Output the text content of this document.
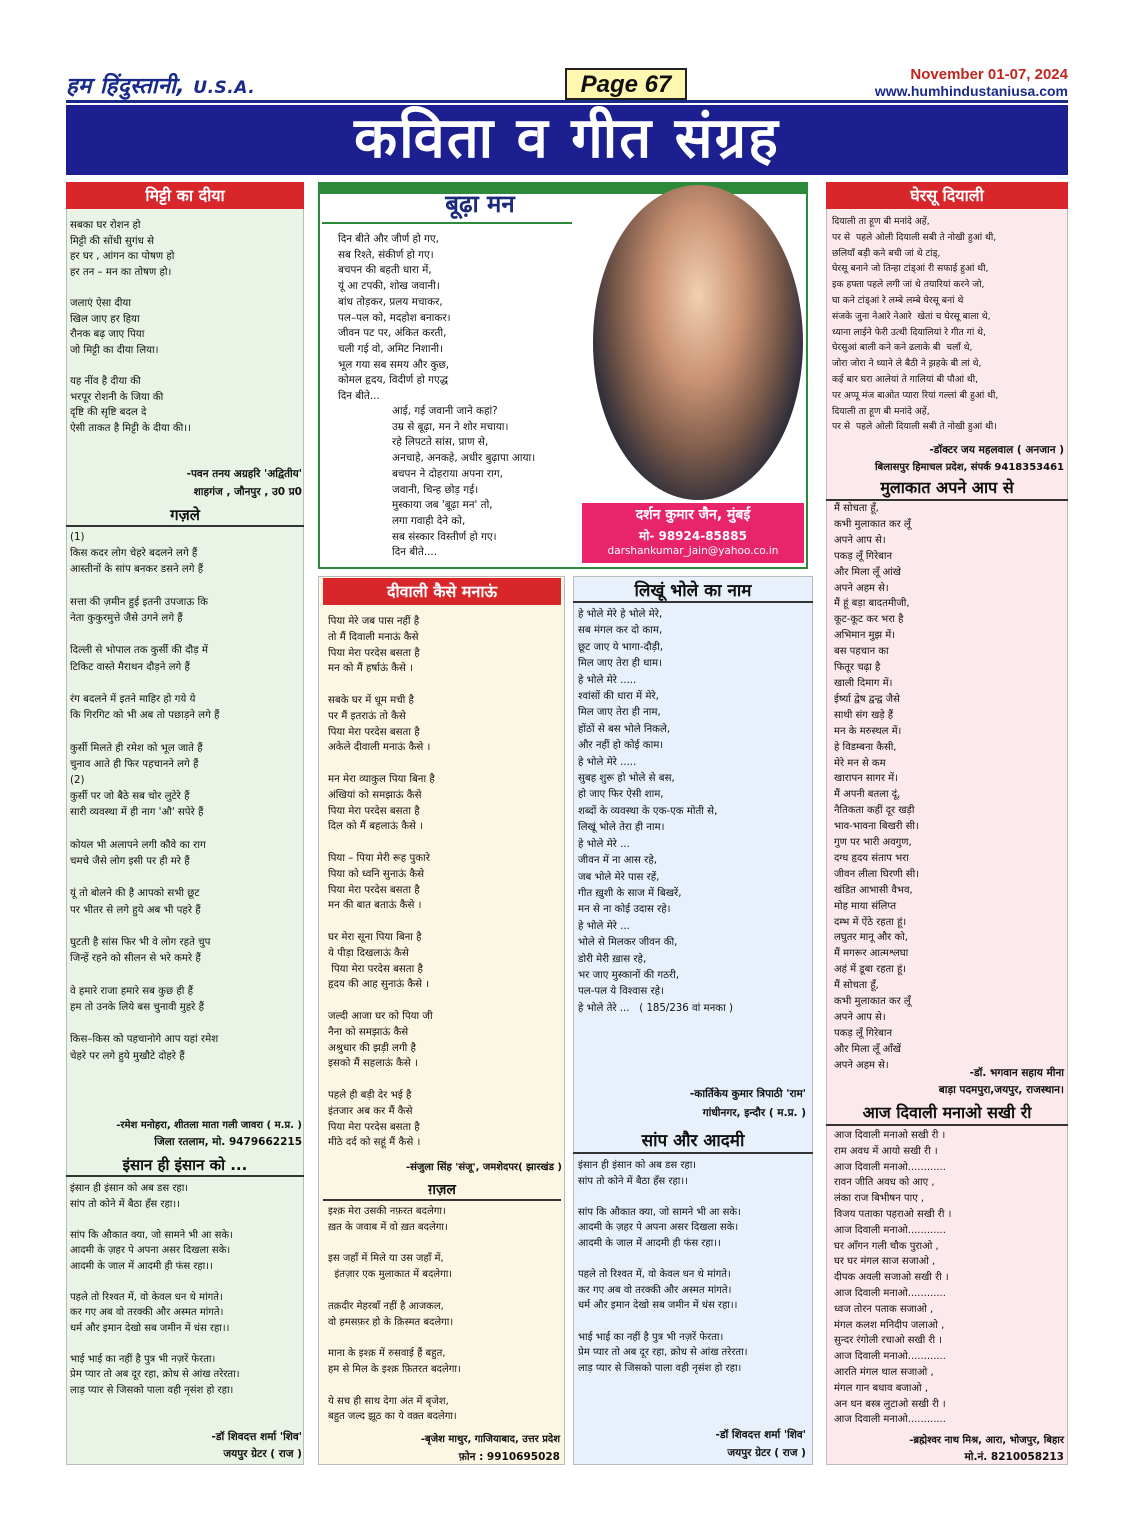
हम हिंदुस्तानी, U.S.A.	Page 67	November 01-07, 2024
www.humhindustaniusa.com
कविता व गीत संग्रह
मिट्टी का दीया
सबका घर रोशन हो
मिट्टी की सोंधी सुगंध से
हर घर , आंगन का पोषण हो
हर तन – मन का तोषण हो।

जलाएं ऐसा दीया
खिल जाए हर हिया
रौनक बढ़ जाए पिया
जो मिट्टी का दीया लिया।

यह नींव है दीया की
भरपूर रोशनी के जिया की
दृष्टि की सृष्टि बदल दे
ऐसी ताकत है मिट्टी के दीया की।।
-पवन तनय अग्रहरि 'अद्वितीय'
शाहगंज , जौनपुर , उ0 प्र0
गज़ले
(1)
किस कदर लोग चेहरे बदलने लगे हैं
आस्तीनों के सांप बनकर डसने लगे हैं

सत्ता की ज़मीन हुई इतनी उपजाऊ कि
नेता कुकुरमुत्ते जैसे उगने लगे हैं

दिल्ली से भोपाल तक कुर्सी की दौड़ में
टिकिट वास्ते मैराथन दौड़ने लगे हैं

रंग बदलने में इतने माहिर हो गये ये
कि गिरगिट को भी अब तो पछाड़ने लगे हैं

कुर्सी मिलते ही रमेश को भूल जाते हैं
चुनाव आते ही फिर पहचानने लगे हैं
(2)
कुर्सी पर जो बैठे सब चोर लुटेरे हैं
सारी व्यवस्था में ही नाग 'औ' सपेरे हैं

कोयल भी अलापने लगी कौवे का राग
चमचे जैसे लोग इसी पर ही मरे हैं

यूं तो बोलने की है आपको सभी छूट
पर भीतर से लगे हुये अब भी पहरे हैं

घुटती है सांस फिर भी वे लोग रहते चुप
जिन्हें रहने को सीलन से भरे कमरे हैं

वे हमारे राजा हमारे सब कुछ ही हैं
हम तो उनके लिये बस चुनावी मुहरे हैं

किस–किस को पहचानोगे आप यहां रमेश
चेहरे पर लगे हुये मुखौटे दोहरे हैं
-रमेश मनोहरा, शीतला माता गली जावरा ( म.प्र. )
जिला रतलाम, मो. 9479662215
इंसान ही इंसान को ...
इंसान ही इंसान को अब डस रहा।
सांप तो कोने में बैठा हँस रहा।।

सांप कि औकात क्या, जो सामने भी आ सके।
आदमी के ज़हर पे अपना असर दिखला सके।
आदमी के जाल में आदमी ही फंस रहा।।

पहले तो रिश्वत में, वो केवल धन थे मांगते।
कर गए अब वो तरक्की और अस्मत मांगते।
धर्म और इमान देखो सब जमीन में धंस रहा।।

भाई भाई का नहीं है पुत्र भी नज़रें फेरता।
प्रेम प्यार तो अब दूर रहा, क्रोध से आंख तरेरता।
लाड़ प्यार से जिसको पाला वही नृसंश हो रहा।
-डॉ शिवदत्त शर्मा 'शिव'
जयपुर ग्रेटर ( राज )
बूढ़ा मन
दिन बीते और जीर्ण हो गए,
सब रिश्ते, संकीर्ण हो गए।
बचपन की बहती धारा में,
यूं आ टपकी, शोख जवानी।
बांध तोड़कर, प्रलय मचाकर,
पल–पल को, मदहोश बनाकर।
जीवन पट पर, अंकित करती,
चली गई वो, अमिट निशानी।
भूल गया सब समय और कुछ,
कोमल हृदय, विदीर्ण हो गएद्ध
दिन बीते...
आई, गई जवानी जाने कहां?
उम्र से बूढ़ा, मन ने शोर मचाया।
रहे लिपटते सांस, प्राण से,
अनचाहे, अनकहे, अधीर बुढ़ापा आया।
बचपन ने दोहराया अपना राग,
जवानी, चिन्ह छोड़ गई।
मुस्काया जब 'बूढ़ा मन' तो,
लगा गवाही देने को,
सब संस्कार विस्तीर्ण हो गए।
दिन बीते....
दर्शन कुमार जैन, मुंबई
मो- 98924-85885
darshankumar_jain@yahoo.co.in
दीवाली कैसे मनाऊं
पिया मेरे जब पास नहीं है
तो मैं दिवाली मनाऊं कैसे
पिया मेरा परदेस बसता है
मन को मैं हर्षाऊं कैसे ।

सबके घर में धूम मची है
पर मैं इतराऊं तो कैसे
पिया मेरा परदेस बसता है
अकेले दीवाली मनाऊं कैसे ।

मन मेरा व्याकुल पिया बिना है
अंखियां को समझाऊं कैसे
पिया मेरा परदेस बसता है
दिल को मैं बहलाऊं कैसे ।

पिया – पिया मेरी रूह पुकारे
पिया को ध्वनि सुनाऊं कैसे
पिया मेरा परदेस बसता है
मन की बात बताऊं कैसे ।

घर मेरा सूना पिया बिना है
ये पीड़ा दिखलाऊं कैसे
पिया मेरा परदेस बसता है
हृदय की आह सुनाऊं कैसे ।

जल्दी आजा घर को पिया जी
नैना को समझाऊं कैसे
अश्रुधार की झड़ी लगी है
इसको मैं सहलाऊं कैसे ।

पहले ही बड़ी देर भई है
इंतजार अब कर मैं कैसे
पिया मेरा परदेस बसता है
मीठे दर्द को सहूं मैं कैसे ।
-संजुला सिंह 'संजू', जमशेदपर( झारखंड )
ग़ज़ल
इश्क़ मेरा उसकी नफ़रत बदलेगा।
ख़त के जवाब में वो ख़त बदलेगा।

इस जहाँ में मिले या उस जहाँ में,
इंतज़ार एक मुलाकात में बदलेगा।

तक़दीर मेहरबाँ नहीं है आजकल,
वो हमसफ़र हो के क़िस्मत बदलेगा।

माना के इश्क़ में रुसवाई हैं बहुत,
हम से मिल के इश्क़ फ़ितरत बदलेगा।

ये सच ही साथ देगा अंत में बृजेश,
बहुत जल्द झूठ का ये वक़्त बदलेगा।
-बृजेश माथुर, गाजियाबाद, उत्तर प्रदेश
फ़ोन : 9910695028
लिखूं भोले का नाम
हे भोले मेरे हे भोले मेरे,
सब मंगल कर दो काम,
छूट जाए ये भागा-दौड़ी,
मिल जाए तेरा ही धाम।
हे भोले मेरे .....
श्वांसों की धारा में मेरे,
मिल जाए तेरा ही नाम,
होंठों से बस भोले निकले,
और नहीं हो कोई काम।
हे भोले मेरे .....
सुबह शुरू हो भोले से बस,
हो जाए फिर ऐसी शाम,
शब्दों के व्यवस्था के एक-एक मोती से,
लिखूं भोले तेरा ही नाम।
हे भोले मेरे ...
जीवन में ना आस रहे,
जब भोले मेरे पास रहें,
गीत ख़ुशी के साज में बिखरें,
मन से ना कोई उदास रहे।
हे भोले मेरे ...
भोले से मिलकर जीवन की,
डोरी मेरी ख़ास रहे,
भर जाए मुस्कानों की गठरी,
पल-पल ये विश्वास रहे।
हे भोले तेरे ...   ( 185/236 वां मनका )
-कार्तिकेय कुमार त्रिपाठी 'राम'
गांधीनगर, इन्दौर ( म.प्र. )
सांप और आदमी
इंसान ही इंसान को अब डस रहा।
सांप तो कोने में बैठा हँस रहा।।

सांप कि औकात क्या, जो सामने भी आ सके।
आदमी के ज़हर पे अपना असर दिखला सके।
आदमी के जाल में आदमी ही फंस रहा।।

पहले तो रिश्वत में, वो केवल धन थे मांगते।
कर गए अब वो तरक्की और अस्मत मांगते।
धर्म और इमान देखो सब जमीन में धंस रहा।।

भाई भाई का नहीं है पुत्र भी नज़रें फेरता।
प्रेम प्यार तो अब दूर रहा, क्रोध से आंख तरेरता।
लाड़ प्यार से जिसको पाला वही नृसंश हो रहा।
-डॉ शिवदत्त शर्मा 'शिव'
जयपुर ग्रेटर ( राज )
घेरसू दियाली
दियाली ता हूण बी मनांदे अहें,
पर से  पहले ओली दियाली सबी ते नोखी हुआं थी,
छलियाँ बड़ी कने बची जां थे टांड्,
घेरसू बनाने जो तिन्हा टांड्आं री सफाई हुआं थी,
इक हफ्ता पहले लगी जां थे तयारियां करने जो,
घा कने टांड्आं रे लम्बे लम्बे घेरसू बनां थे
संजके जुना नेआरे नेआरे  खेतां च घेरसू बाला थे,
ध्याना लाईने फेरी उत्थी दियालियां रे गीत गां थे,
घेरसुआं बाली कने कने ढलाके बी  चलाँ थे,
जोरा जोरा ने ध्याने ले बैठी ने झ़हके बी लां थे,
कई बार घरा आलेयां ते गालियां बी पौआं थी,
पर अप्पू मंज बाओत प्यारा रियां गल्लां बी हुआं थी,
दियाली ता हूण बी मनांदे अहें,
पर से  पहले ओली दियाली सबी ते नोखी हुआं थी।
-डॉक्टर जय महलवाल ( अनजान )
बिलासपुर हिमाचल प्रदेश, संपर्क 9418353461
मुलाकात अपने आप से
मैं सोचता हूँ,
कभी मुलाकात कर लूँ
अपने आप से।
पकड़ लूँ गिरेबान
और मिला लूँ आंखे
अपने अहम से।
मैं हूं बड़ा बादतमीजी,
कूट-कूट कर भरा है
अभिमान मुझ में।
बस पहचान का
फितूर चढ़ा है
खाली दिमाग में।
ईर्ष्या द्वेष द्वन्द्व जैसे
साथी संग खड़े हैं
मन के मरुस्थल में।
हे विडम्बना कैसी,
मेरे मन से कम
खारापन सागर में।
मैं अपनी बतला दूं,
नैतिकता कहीं दूर खड़ी
भाव-भावना बिखरी सी।
गुण पर भारी अवगुण,
दग्ध हृदय संताप भरा
जीवन लीला घिरणी सी।
खंडित आभासी वैभव,
मोह माया संलिप्त
दम्भ में ऐंठे रहता हूं।
लघुतर मानू और को,
मैं मगरूर आत्मश्लघा
अहं में डूबा रहता हूं।
मैं सोचता हूँ,
कभी मुलाकात कर लूँ
अपने आप से।
पकड़ लूँ गिरेबान
और मिला लूँ आँखें
अपने अहम से।
-डॉ. भगवान सहाय मीना
बाड़ा पदमपुरा,जयपुर, राजस्थान।
आज दिवाली मनाओ सखी री
आज दिवाली मनाओ सखी री ।
राम अवध में आयो सखी री ।
आज दिवाली मनाओ............
रावन जीति अवध को आए ,
लंका राज बिभीषन पाए ,
विजय पताका पहराओ सखी री ।
आज दिवाली मनाओ............
घर आँगन गली चौक पुराओ ,
घर घर मंगल साज सजाओ ,
दीपक अवली सजाओ सखी री ।
आज दिवाली मनाओ............
ध्वज तोरन पताक सजाओ ,
मंगल कलश मनिदीप जलाओ ,
सुन्दर रंगोली रचाओ सखी री ।
आज दिवाली मनाओ............
आरति मंगल थाल सजाओ ,
मंगल गान बधाव बजाओ ,
अन धन बस्त्र लुटाओ सखी री ।
आज दिवाली मनाओ............
-ब्रह्मेश्वर नाथ मिश्र, आरा, भोजपुर, बिहार
मो.नं. 8210058213
